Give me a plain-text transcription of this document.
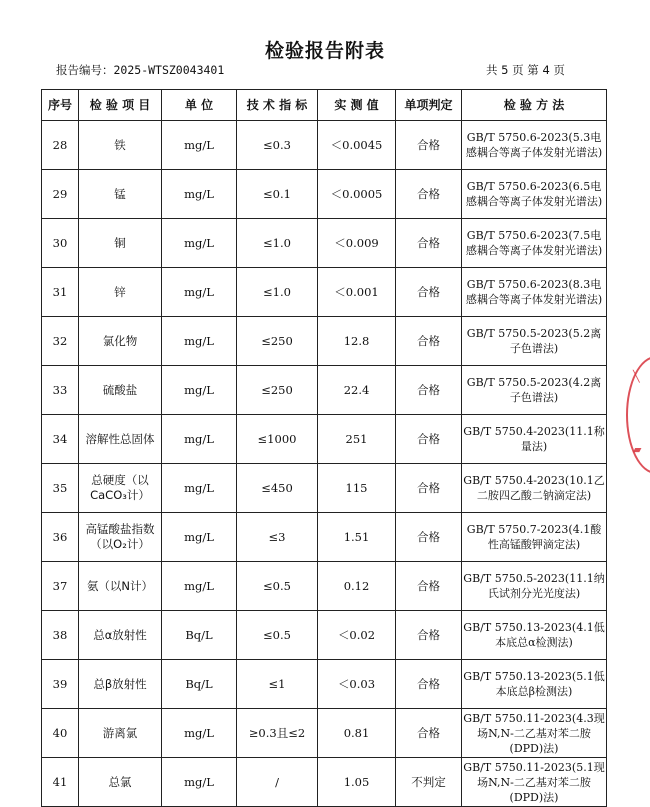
检验报告附表
报告编号：2025-WTSZ0043401	共 5 页 第 4 页
序号	检 验 项 目	单 位	技 术 指 标	实 测 值	单项判定	检 验 方 法
28	铁	mg/L	≤0.3	＜0.0045	合格	GB/T 5750.6-2023(5.3电感耦合等离子体发射光谱法)
29	锰	mg/L	≤0.1	＜0.0005	合格	GB/T 5750.6-2023(6.5电感耦合等离子体发射光谱法)
30	铜	mg/L	≤1.0	＜0.009	合格	GB/T 5750.6-2023(7.5电感耦合等离子体发射光谱法)
31	锌	mg/L	≤1.0	＜0.001	合格	GB/T 5750.6-2023(8.3电感耦合等离子体发射光谱法)
32	氯化物	mg/L	≤250	12.8	合格	GB/T 5750.5-2023(5.2离子色谱法)
33	硫酸盐	mg/L	≤250	22.4	合格	GB/T 5750.5-2023(4.2离子色谱法)
34	溶解性总固体	mg/L	≤1000	251	合格	GB/T 5750.4-2023(11.1称量法)
35	总硬度（以CaCO₃计）	mg/L	≤450	115	合格	GB/T 5750.4-2023(10.1乙二胺四乙酸二钠滴定法)
36	高锰酸盐指数（以O₂计）	mg/L	≤3	1.51	合格	GB/T 5750.7-2023(4.1酸性高锰酸钾滴定法)
37	氨（以N计）	mg/L	≤0.5	0.12	合格	GB/T 5750.5-2023(11.1纳氏试剂分光光度法)
38	总α放射性	Bq/L	≤0.5	＜0.02	合格	GB/T 5750.13-2023(4.1低本底总α检测法)
39	总β放射性	Bq/L	≤1	＜0.03	合格	GB/T 5750.13-2023(5.1低本底总β检测法)
40	游离氯	mg/L	≥0.3且≤2	0.81	合格	GB/T 5750.11-2023(4.3现场N,N-二乙基对苯二胺(DPD)法)
41	总氯	mg/L	/	1.05	不判定	GB/T 5750.11-2023(5.1现场N,N-二乙基对苯二胺(DPD)法)
╲
▰
